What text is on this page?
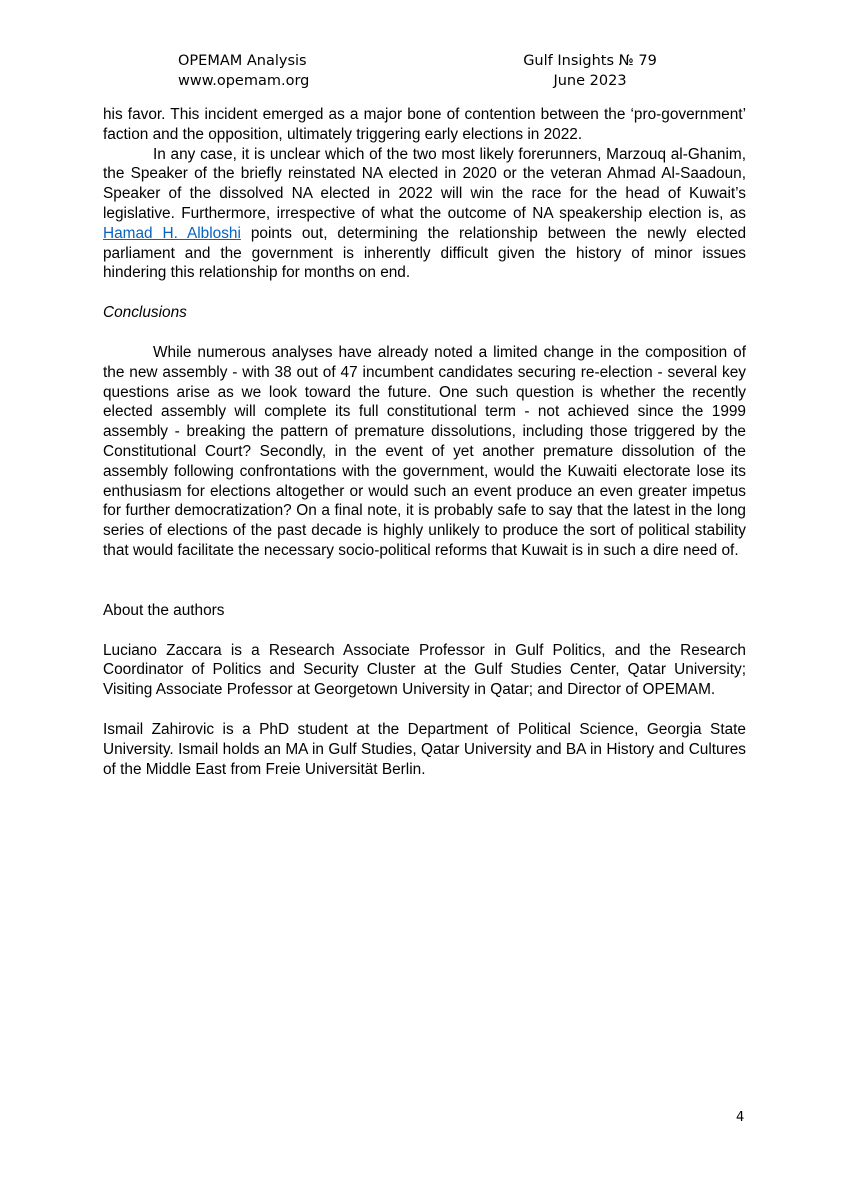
OPEMAM Analysis
www.opemam.org
Gulf Insights № 79
June 2023

his favor. This incident emerged as a major bone of contention between the ‘pro-government’ faction and the opposition, ultimately triggering early elections in 2022.

In any case, it is unclear which of the two most likely forerunners, Marzouq al-Ghanim, the Speaker of the briefly reinstated NA elected in 2020 or the veteran Ahmad Al-Saadoun, Speaker of the dissolved NA elected in 2022 will win the race for the head of Kuwait’s legislative. Furthermore, irrespective of what the outcome of NA speakership election is, as Hamad H. Albloshi points out, determining the relationship between the newly elected parliament and the government is inherently difficult given the history of minor issues hindering this relationship for months on end.

Conclusions

While numerous analyses have already noted a limited change in the composition of the new assembly - with 38 out of 47 incumbent candidates securing re-election - several key questions arise as we look toward the future. One such question is whether the recently elected assembly will complete its full constitutional term - not achieved since the 1999 assembly - breaking the pattern of premature dissolutions, including those triggered by the Constitutional Court? Secondly, in the event of yet another premature dissolution of the assembly following confrontations with the government, would the Kuwaiti electorate lose its enthusiasm for elections altogether or would such an event produce an even greater impetus for further democratization? On a final note, it is probably safe to say that the latest in the long series of elections of the past decade is highly unlikely to produce the sort of political stability that would facilitate the necessary socio-political reforms that Kuwait is in such a dire need of.

About the authors

Luciano Zaccara is a Research Associate Professor in Gulf Politics, and the Research Coordinator of Politics and Security Cluster at the Gulf Studies Center, Qatar University; Visiting Associate Professor at Georgetown University in Qatar; and Director of OPEMAM.

Ismail Zahirovic is a PhD student at the Department of Political Science, Georgia State University. Ismail holds an MA in Gulf Studies, Qatar University and BA in History and Cultures of the Middle East from Freie Universität Berlin.

4
